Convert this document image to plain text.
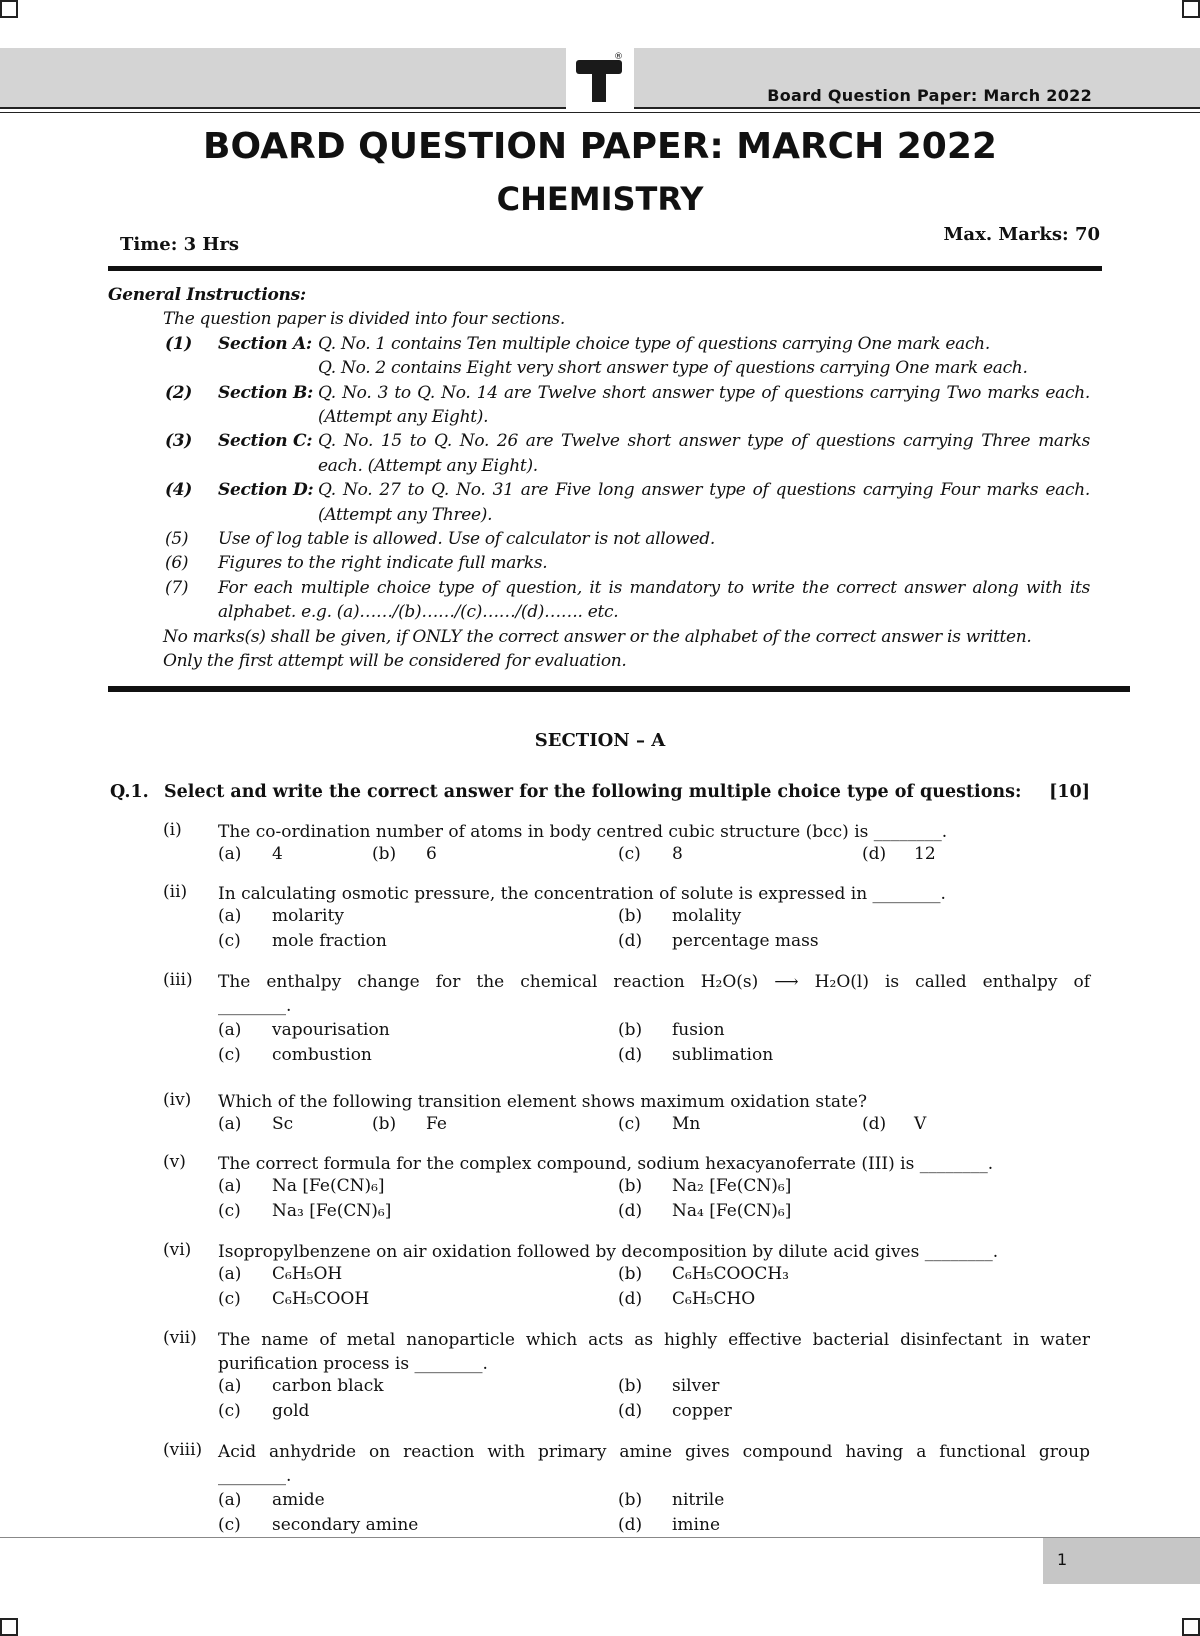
®
Board Question Paper: March 2022
BOARD QUESTION PAPER: MARCH 2022
CHEMISTRY
Time: 3 Hrs	Max. Marks: 70
General Instructions:
The question paper is divided into four sections.
(1) Section A: Q. No. 1 contains Ten multiple choice type of questions carrying One mark each.
Q. No. 2 contains Eight very short answer type of questions carrying One mark each.
(2) Section B: Q. No. 3 to Q. No. 14 are Twelve short answer type of questions carrying Two marks each. (Attempt any Eight).
(3) Section C: Q. No. 15 to Q. No. 26 are Twelve short answer type of questions carrying Three marks each. (Attempt any Eight).
(4) Section D: Q. No. 27 to Q. No. 31 are Five long answer type of questions carrying Four marks each. (Attempt any Three).
(5)	Use of log table is allowed. Use of calculator is not allowed.
(6)	Figures to the right indicate full marks.
(7)	For each multiple choice type of question, it is mandatory to write the correct answer along with its alphabet. e.g. (a)……/(b)……/(c)……/(d)……. etc.
No marks(s) shall be given, if ONLY the correct answer or the alphabet of the correct answer is written.
Only the first attempt will be considered for evaluation.
SECTION – A
Q.1. Select and write the correct answer for the following multiple choice type of questions: [10]
(i) The co-ordination number of atoms in body centred cubic structure (bcc) is ________.
(a) 4	(b) 6	(c) 8	(d) 12
(ii) In calculating osmotic pressure, the concentration of solute is expressed in ________.
(a) molarity	(b) molality
(c) mole fraction	(d) percentage mass
(iii) The enthalpy change for the chemical reaction H₂O(s) ⟶ H₂O(l) is called enthalpy of
________.
(a) vapourisation	(b) fusion
(c) combustion	(d) sublimation
(iv) Which of the following transition element shows maximum oxidation state?
(a) Sc	(b) Fe	(c) Mn	(d) V
(v) The correct formula for the complex compound, sodium hexacyanoferrate (III) is ________.
(a) Na [Fe(CN)₆]	(b) Na₂ [Fe(CN)₆]
(c) Na₃ [Fe(CN)₆]	(d) Na₄ [Fe(CN)₆]
(vi) Isopropylbenzene on air oxidation followed by decomposition by dilute acid gives ________.
(a) C₆H₅OH	(b) C₆H₅COOCH₃
(c) C₆H₅COOH	(d) C₆H₅CHO
(vii) The name of metal nanoparticle which acts as highly effective bacterial disinfectant in water
purification process is ________.
(a) carbon black	(b) silver
(c) gold	(d) copper
(viii) Acid anhydride on reaction with primary amine gives compound having a functional group
________.
(a) amide	(b) nitrile
(c) secondary amine	(d) imine
1
